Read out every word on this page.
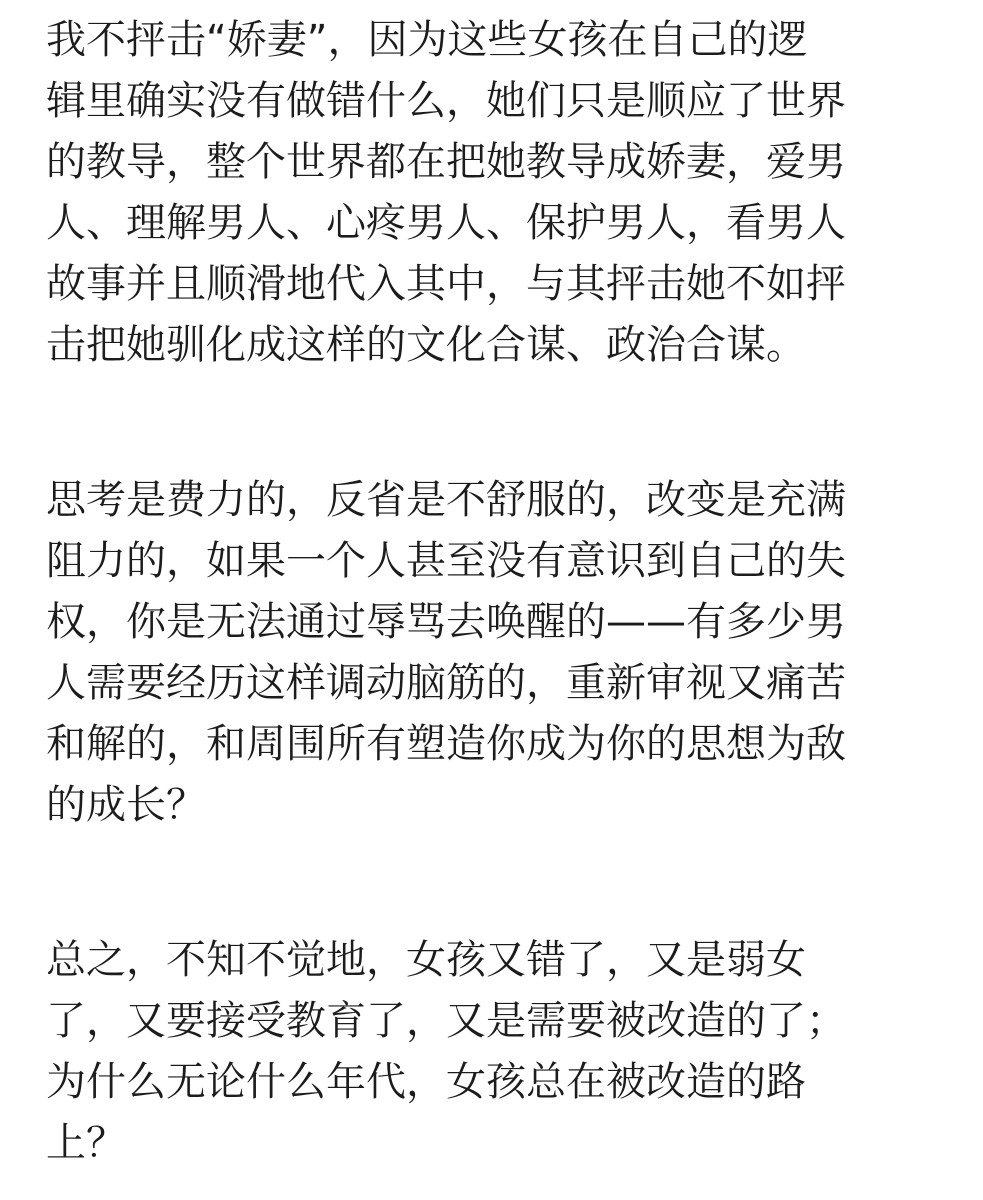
我不抨击“娇妻”，因为这些女孩在自己的逻
辑里确实没有做错什么，她们只是顺应了世界
的教导，整个世界都在把她教导成娇妻，爱男
人、理解男人、心疼男人、保护男人，看男人
故事并且顺滑地代入其中，与其抨击她不如抨
击把她驯化成这样的文化合谋、政治合谋。
思考是费力的，反省是不舒服的，改变是充满
阻力的，如果一个人甚至没有意识到自己的失
权，你是无法通过辱骂去唤醒的——有多少男
人需要经历这样调动脑筋的，重新审视又痛苦
和解的，和周围所有塑造你成为你的思想为敌
的成长？
总之，不知不觉地，女孩又错了，又是弱女
了，又要接受教育了，又是需要被改造的了；
为什么无论什么年代，女孩总在被改造的路
上？
